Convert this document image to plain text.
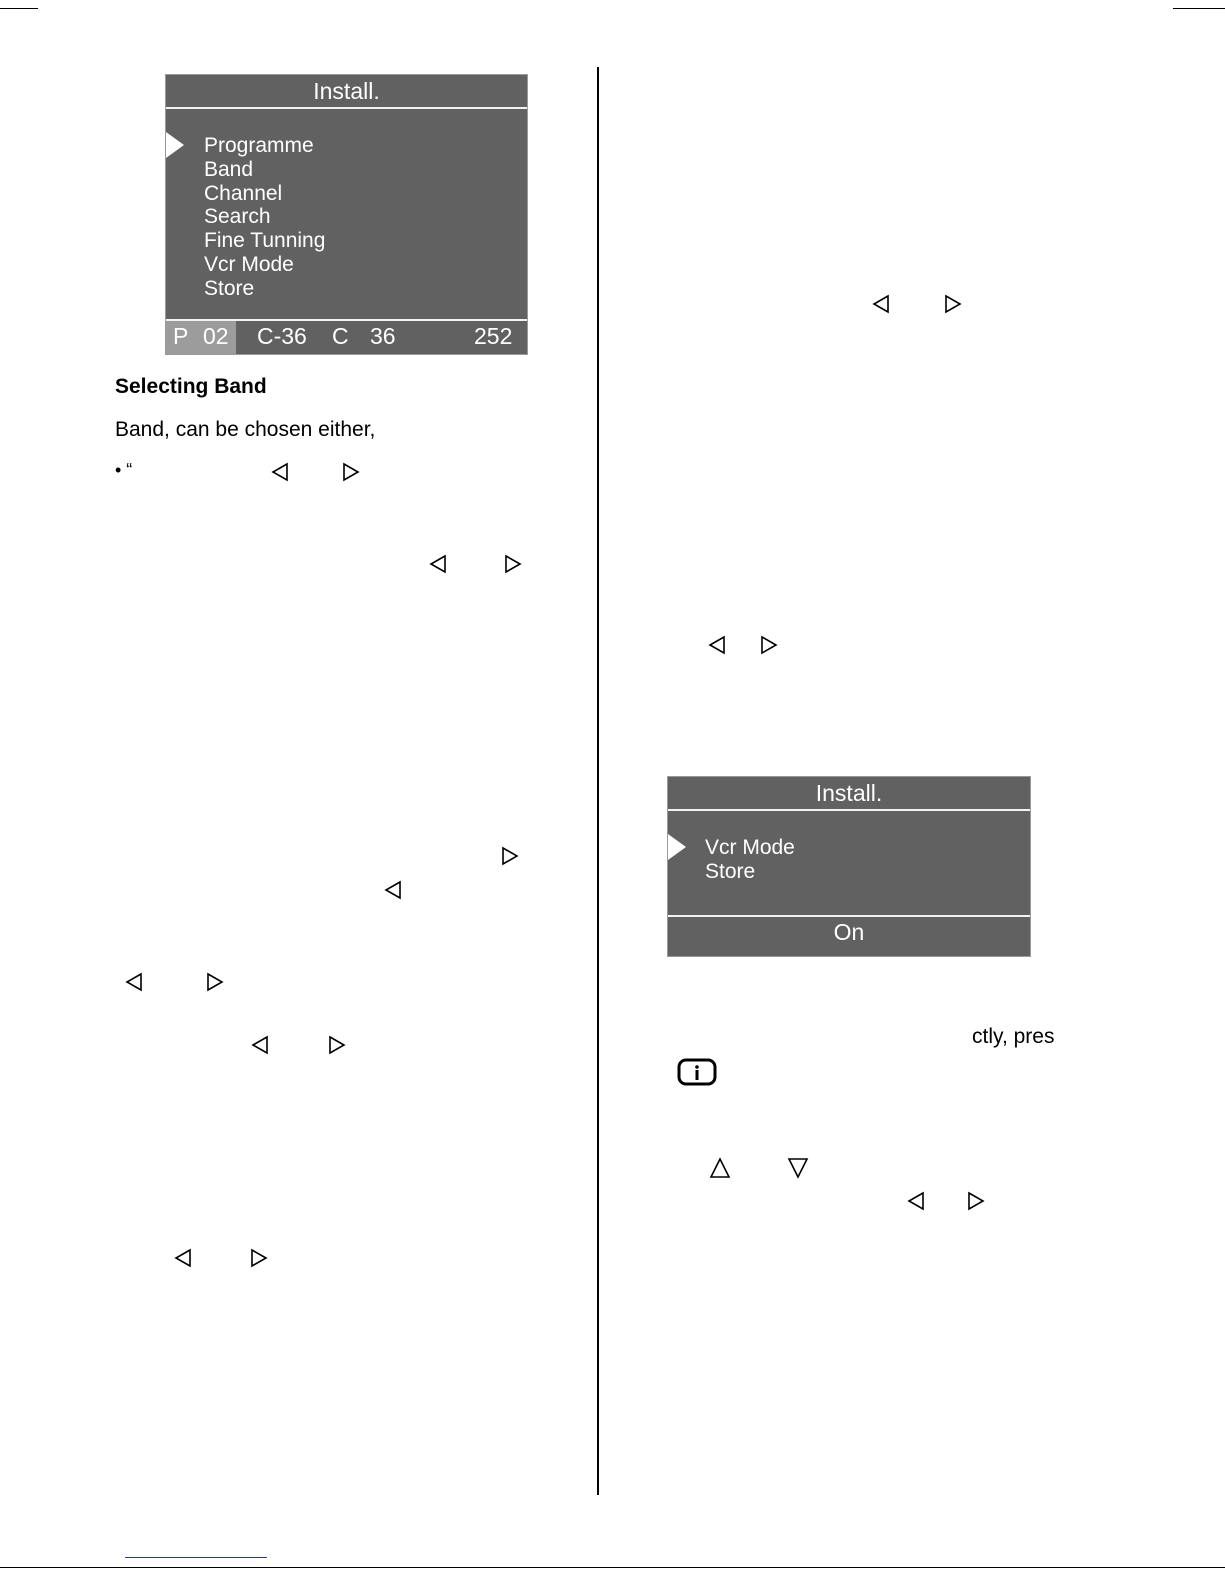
Install.
Programme
Band
Channel
Search
Fine Tunning
Vcr Mode
Store
P 02 C-36 C 36	252
Selecting Band
Band, can be chosen either,
• “
Install.
Vcr Mode
Store
On
ctly, pres
